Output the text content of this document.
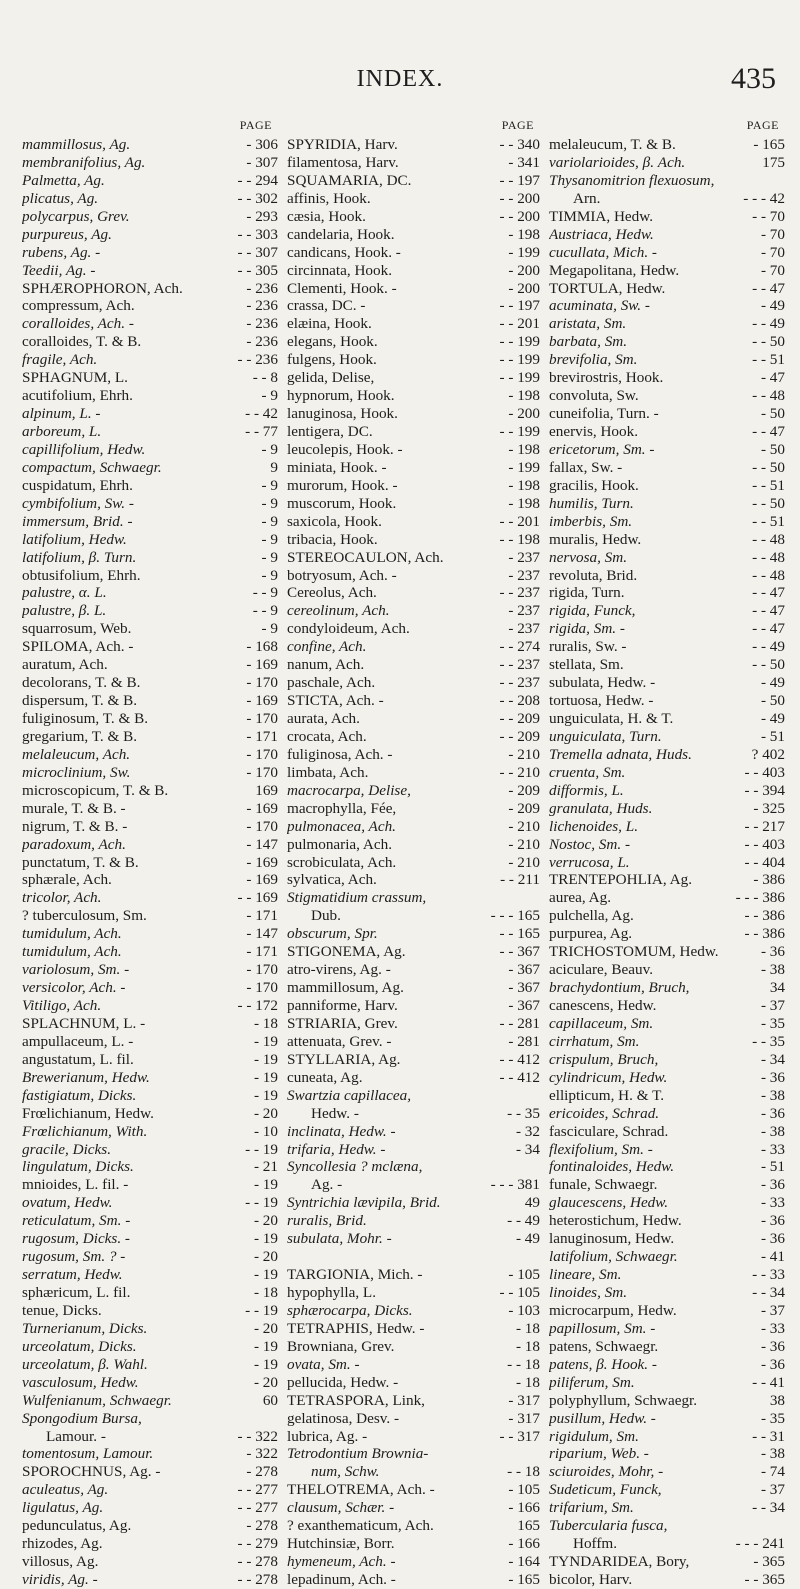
INDEX.	435
PAGE
mammillosus, Ag.	- 306
membranifolius, Ag.	- 307
Palmetta, Ag.	- - 294
plicatus, Ag.	- - 302
polycarpus, Grev.	- 293
purpureus, Ag.	- - 303
rubens, Ag. -	- - 307
Teedii, Ag. -	- - 305
SPHÆROPHORON, Ach.	- 236
compressum, Ach.	- 236
coralloides, Ach. -	- 236
coralloides, T. & B.	- 236
fragile, Ach.	- - 236
SPHAGNUM, L.	- - 8
acutifolium, Ehrh.	- 9
alpinum, L. -	- - 42
arboreum, L.	- - 77
capillifolium, Hedw.	- 9
compactum, Schwaegr.	9
cuspidatum, Ehrh.	- 9
cymbifolium, Sw. -	- 9
immersum, Brid. -	- 9
latifolium, Hedw.	- 9
latifolium, β. Turn.	- 9
obtusifolium, Ehrh.	- 9
palustre, α. L.	- - 9
palustre, β. L.	- - 9
squarrosum, Web.	- 9
SPILOMA, Ach. -	- 168
auratum, Ach.	- 169
decolorans, T. & B.	- 170
dispersum, T. & B.	- 169
fuliginosum, T. & B.	- 170
gregarium, T. & B.	- 171
melaleucum, Ach.	- 170
microclinium, Sw.	- 170
microscopicum, T. & B.	169
murale, T. & B. -	- 169
nigrum, T. & B. -	- 170
paradoxum, Ach.	- 147
punctatum, T. & B.	- 169
sphærale, Ach.	- 169
tricolor, Ach.	- - 169
? tuberculosum, Sm.	- 171
tumidulum, Ach.	- 147
tumidulum, Ach.	- 171
variolosum, Sm. -	- 170
versicolor, Ach. -	- 170
Vitiligo, Ach.	- - 172
SPLACHNUM, L. -	- 18
ampullaceum, L. -	- 19
angustatum, L. fil.	- 19
Brewerianum, Hedw.	- 19
fastigiatum, Dicks.	- 19
Frœlichianum, Hedw.	- 20
Frœlichianum, With.	- 10
gracile, Dicks.	- - 19
lingulatum, Dicks.	- 21
mnioides, L. fil. -	- 19
ovatum, Hedw.	- - 19
reticulatum, Sm. -	- 20
rugosum, Dicks. -	- 19
rugosum, Sm. ? -	- 20
serratum, Hedw.	- 19
sphæricum, L. fil.	- 18
tenue, Dicks.	- - 19
Turnerianum, Dicks.	- 20
urceolatum, Dicks.	- 19
urceolatum, β. Wahl.	- 19
vasculosum, Hedw.	- 20
Wulfenianum, Schwaegr.	60
Spongodium Bursa,
Lamour. -	- - 322
tomentosum, Lamour.	- 322
SPOROCHNUS, Ag. -	- 278
aculeatus, Ag.	- - 277
ligulatus, Ag.	- - 277
pedunculatus, Ag.	- 278
rhizodes, Ag.	- - 279
villosus, Ag.	- - 278
viridis, Ag. -	- - 278
PAGE
SPYRIDIA, Harv.	- - 340
filamentosa, Harv.	- 341
SQUAMARIA, DC.	- - 197
affinis, Hook.	- - 200
cæsia, Hook.	- - 200
candelaria, Hook.	- 198
candicans, Hook. -	- 199
circinnata, Hook.	- 200
Clementi, Hook. -	- 200
crassa, DC. -	- - 197
elæina, Hook.	- - 201
elegans, Hook.	- - 199
fulgens, Hook.	- - 199
gelida, Delise,	- - 199
hypnorum, Hook.	- 198
lanuginosa, Hook.	- 200
lentigera, DC.	- - 199
leucolepis, Hook. -	- 198
miniata, Hook. -	- 199
murorum, Hook. -	- 198
muscorum, Hook.	- 198
saxicola, Hook.	- - 201
tribacia, Hook.	- - 198
STEREOCAULON, Ach.	- 237
botryosum, Ach. -	- 237
Cereolus, Ach.	- - 237
cereolinum, Ach.	- 237
condyloideum, Ach.	- 237
confine, Ach.	- - 274
nanum, Ach.	- - 237
paschale, Ach.	- - 237
STICTA, Ach. -	- - 208
aurata, Ach.	- - 209
crocata, Ach.	- - 209
fuliginosa, Ach. -	- 210
limbata, Ach.	- - 210
macrocarpa, Delise,	- 209
macrophylla, Fée,	- 209
pulmonacea, Ach.	- 210
pulmonaria, Ach.	- 210
scrobiculata, Ach.	- 210
sylvatica, Ach.	- - 211
Stigmatidium crassum,
Dub.	- - - 165
obscurum, Spr.	- - 165
STIGONEMA, Ag.	- - 367
atro-virens, Ag. -	- 367
mammillosum, Ag.	- 367
panniforme, Harv.	- 367
STRIARIA, Grev.	- - 281
attenuata, Grev. -	- 281
STYLLARIA, Ag.	- - 412
cuneata, Ag.	- - 412
Swartzia capillacea,
Hedw. -	- - 35
inclinata, Hedw. -	- 32
trifaria, Hedw. -	- 34
Syncollesia ? mclæna,
Ag. -	- - - 381
Syntrichia lævipila, Brid.	49
ruralis, Brid.	- - 49
subulata, Mohr. -	- 49
TARGIONIA, Mich. -	- 105
hypophylla, L.	- - 105
sphærocarpa, Dicks.	- 103
TETRAPHIS, Hedw. -	- 18
Browniana, Grev.	- 18
ovata, Sm. -	- - 18
pellucida, Hedw. -	- 18
TETRASPORA, Link,	- 317
gelatinosa, Desv. -	- 317
lubrica, Ag. -	- - 317
Tetrodontium Brownia-
num, Schw.	- - 18
THELOTREMA, Ach. -	- 105
clausum, Schær. -	- 166
? exanthematicum, Ach.	165
Hutchinsiæ, Borr.	- 166
hymeneum, Ach. -	- 164
lepadinum, Ach. -	- 165
PAGE
melaleucum, T. & B.	- 165
variolarioides, β. Ach.	175
Thysanomitrion flexuosum,
Arn.	- - - 42
TIMMIA, Hedw.	- - 70
Austriaca, Hedw.	- 70
cucullata, Mich. -	- 70
Megapolitana, Hedw.	- 70
TORTULA, Hedw.	- - 47
acuminata, Sw. -	- 49
aristata, Sm.	- - 49
barbata, Sm.	- - 50
brevifolia, Sm.	- - 51
brevirostris, Hook.	- 47
convoluta, Sw.	- - 48
cuneifolia, Turn. -	- 50
enervis, Hook.	- - 47
ericetorum, Sm. -	- 50
fallax, Sw. -	- - 50
gracilis, Hook.	- - 51
humilis, Turn.	- - 50
imberbis, Sm.	- - 51
muralis, Hedw.	- - 48
nervosa, Sm.	- - 48
revoluta, Brid.	- - 48
rigida, Turn.	- - 47
rigida, Funck,	- - 47
rigida, Sm. -	- - 47
ruralis, Sw. -	- - 49
stellata, Sm.	- - 50
subulata, Hedw. -	- 49
tortuosa, Hedw. -	- 50
unguiculata, H. & T.	- 49
unguiculata, Turn.	- 51
Tremella adnata, Huds.	? 402
cruenta, Sm.	- - 403
difformis, L.	- - 394
granulata, Huds.	- 325
lichenoides, L.	- - 217
Nostoc, Sm. -	- - 403
verrucosa, L.	- - 404
TRENTEPOHLIA, Ag.	- 386
aurea, Ag.	- - - 386
pulchella, Ag.	- - 386
purpurea, Ag.	- - 386
TRICHOSTOMUM, Hedw.	- 36
aciculare, Beauv.	- 38
brachydontium, Bruch,	34
canescens, Hedw.	- 37
capillaceum, Sm.	- 35
cirrhatum, Sm.	- - 35
crispulum, Bruch,	- 34
cylindricum, Hedw.	- 36
ellipticum, H. & T.	- 38
ericoides, Schrad.	- 36
fasciculare, Schrad.	- 38
flexifolium, Sm. -	- 33
fontinaloides, Hedw.	- 51
funale, Schwaegr.	- 36
glaucescens, Hedw.	- 33
heterostichum, Hedw.	- 36
lanuginosum, Hedw.	- 36
latifolium, Schwaegr.	- 41
lineare, Sm.	- - 33
linoides, Sm.	- - 34
microcarpum, Hedw.	- 37
papillosum, Sm. -	- 33
patens, Schwaegr.	- 36
patens, β. Hook. -	- 36
piliferum, Sm.	- - 41
polyphyllum, Schwaegr.	38
pusillum, Hedw. -	- 35
rigidulum, Sm.	- - 31
riparium, Web. -	- 38
sciuroides, Mohr, -	- 74
Sudeticum, Funck,	- 37
trifarium, Sm.	- - 34
Tubercularia fusca,
Hoffm.	- - - 241
TYNDARIDEA, Bory,	- 365
bicolor, Harv.	- - 365
